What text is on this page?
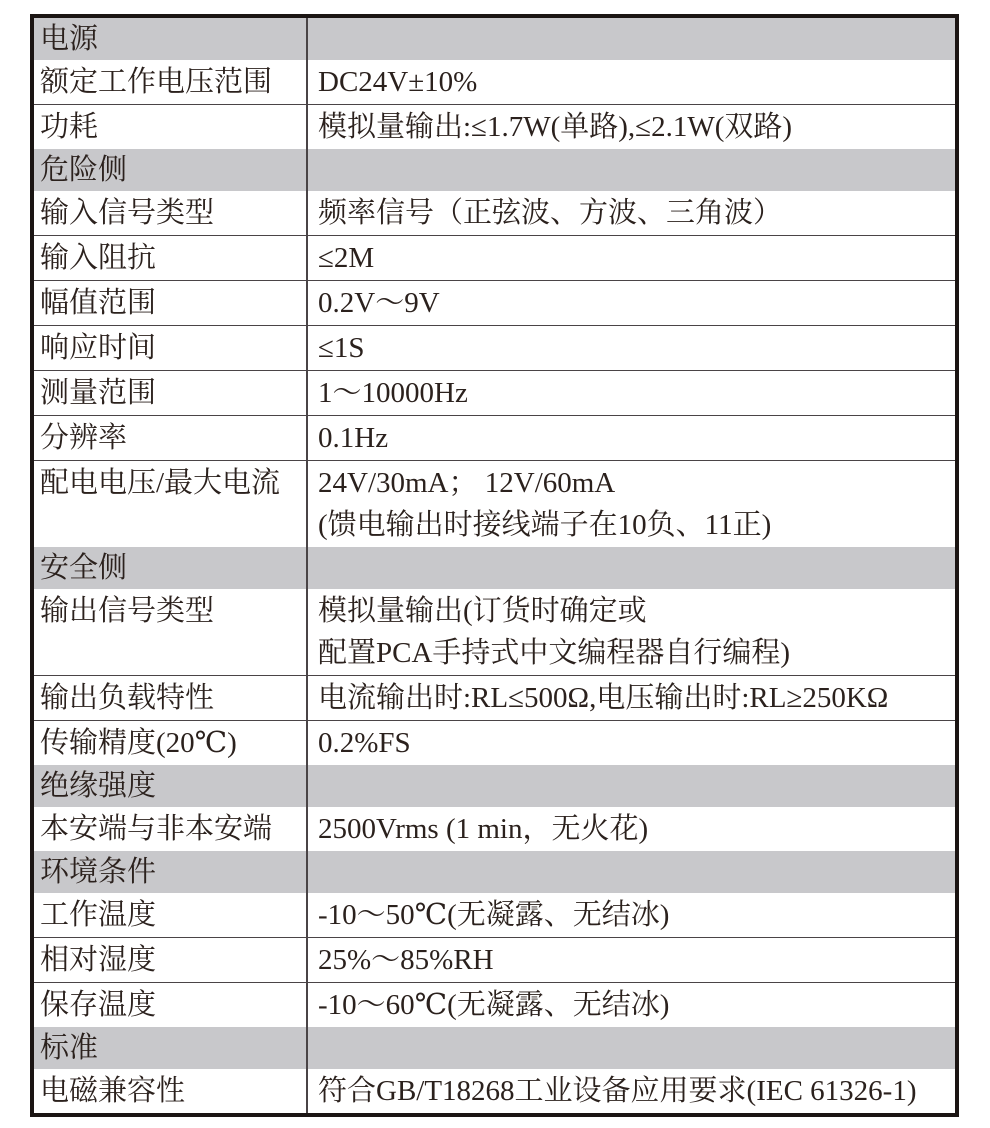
电源
额定工作电压范围	DC24V±10%
功耗	模拟量输出:≤1.7W(单路),≤2.1W(双路)
危险侧
输入信号类型	频率信号（正弦波、方波、三角波）
输入阻抗	≤2M
幅值范围	0.2V～9V
响应时间	≤1S
测量范围	1～10000Hz
分辨率	0.1Hz
配电电压/最大电流	24V/30mA； 12V/60mA
(馈电输出时接线端子在10负、11正)
安全侧
输出信号类型	模拟量输出(订货时确定或
配置PCA手持式中文编程器自行编程)
输出负载特性	电流输出时:RL≤500Ω,电压输出时:RL≥250KΩ
传输精度(20℃)	0.2%FS
绝缘强度
本安端与非本安端	2500Vrms (1 min，无火花)
环境条件
工作温度	-10～50℃(无凝露、无结冰)
相对湿度	25%～85%RH
保存温度	-10～60℃(无凝露、无结冰)
标准
电磁兼容性	符合GB/T18268工业设备应用要求(IEC 61326-1)
